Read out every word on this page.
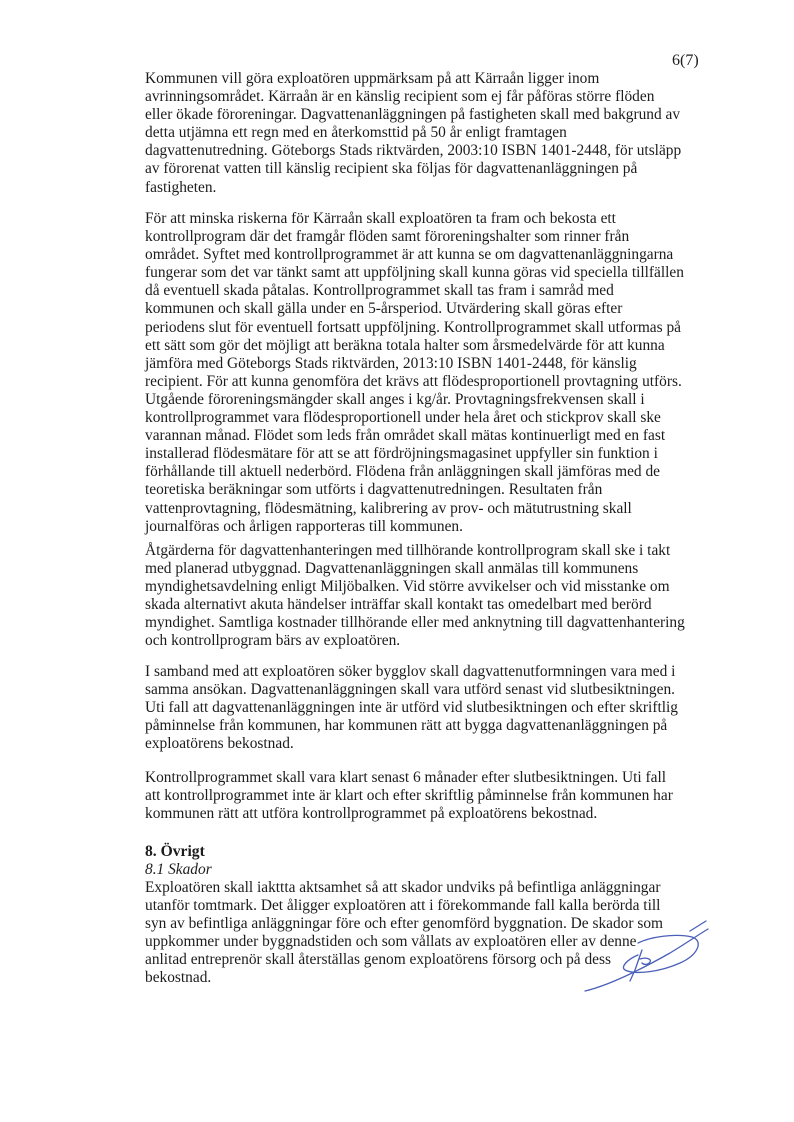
6(7)

Kommunen vill göra exploatören uppmärksam på att Kärraån ligger inom avrinningsområdet. Kärraån är en känslig recipient som ej får påföras större flöden eller ökade föroreningar. Dagvattenanläggningen på fastigheten skall med bakgrund av detta utjämna ett regn med en återkomsttid på 50 år enligt framtagen dagvattenutredning. Göteborgs Stads riktvärden, 2003:10 ISBN 1401-2448, för utsläpp av förorenat vatten till känslig recipient ska följas för dagvattenanläggningen på fastigheten.

För att minska riskerna för Kärraån skall exploatören ta fram och bekosta ett kontrollprogram där det framgår flöden samt föroreningshalter som rinner från området. Syftet med kontrollprogrammet är att kunna se om dagvattenanläggningarna fungerar som det var tänkt samt att uppföljning skall kunna göras vid speciella tillfällen då eventuell skada påtalas. Kontrollprogrammet skall tas fram i samråd med kommunen och skall gälla under en 5-årsperiod. Utvärdering skall göras efter periodens slut för eventuell fortsatt uppföljning. Kontrollprogrammet skall utformas på ett sätt som gör det möjligt att beräkna totala halter som årsmedelvärde för att kunna jämföra med Göteborgs Stads riktvärden, 2013:10 ISBN 1401-2448, för känslig recipient. För att kunna genomföra det krävs att flödesproportionell provtagning utförs. Utgående föroreningsmängder skall anges i kg/år. Provtagningsfrekvensen skall i kontrollprogrammet vara flödesproportionell under hela året och stickprov skall ske varannan månad. Flödet som leds från området skall mätas kontinuerligt med en fast installerad flödesmätare för att se att fördröjningsmagasinet uppfyller sin funktion i förhållande till aktuell nederbörd. Flödena från anläggningen skall jämföras med de teoretiska beräkningar som utförts i dagvattenutredningen. Resultaten från vattenprovtagning, flödesmätning, kalibrering av prov- och mätutrustning skall journalföras och årligen rapporteras till kommunen.

Åtgärderna för dagvattenhanteringen med tillhörande kontrollprogram skall ske i takt med planerad utbyggnad. Dagvattenanläggningen skall anmälas till kommunens myndighetsavdelning enligt Miljöbalken. Vid större avvikelser och vid misstanke om skada alternativt akuta händelser inträffar skall kontakt tas omedelbart med berörd myndighet. Samtliga kostnader tillhörande eller med anknytning till dagvattenhantering och kontrollprogram bärs av exploatören.

I samband med att exploatören söker bygglov skall dagvattenutformningen vara med i samma ansökan. Dagvattenanläggningen skall vara utförd senast vid slutbesiktningen. Uti fall att dagvattenanläggningen inte är utförd vid slutbesiktningen och efter skriftlig påminnelse från kommunen, har kommunen rätt att bygga dagvattenanläggningen på exploatörens bekostnad.

Kontrollprogrammet skall vara klart senast 6 månader efter slutbesiktningen. Uti fall att kontrollprogrammet inte är klart och efter skriftlig påminnelse från kommunen har kommunen rätt att utföra kontrollprogrammet på exploatörens bekostnad.

8. Övrigt
8.1 Skador

Exploatören skall iakttta aktsamhet så att skador undviks på befintliga anläggningar utanför tomtmark. Det åligger exploatören att i förekommande fall kalla berörda till syn av befintliga anläggningar före och efter genomförd byggnation. De skador som uppkommer under byggnadstiden och som vållats av exploatören eller av denne anlitad entreprenör skall återställas genom exploatörens försorg och på dess bekostnad.
